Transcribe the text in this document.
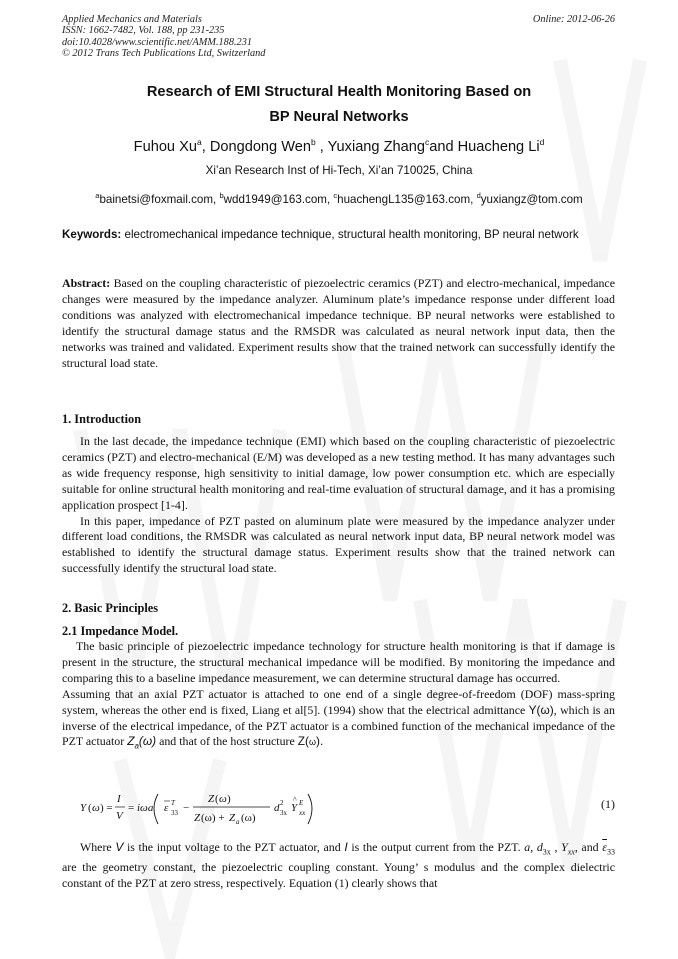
Applied Mechanics and Materials
ISSN: 1662-7482, Vol. 188, pp 231-235
doi:10.4028/www.scientific.net/AMM.188.231
© 2012 Trans Tech Publications Ltd, Switzerland
Online: 2012-06-26
Research of EMI Structural Health Monitoring Based on
BP Neural Networks
Fuhou Xu$^a$, Dongdong Wen$^b$ , Yuxiang Zhang$^c$and Huacheng Li$^d$
Xi’an Research Inst of Hi-Tech, Xi’an 710025, China
$^a$bainetsi@foxmail.com, $^b$wdd1949@163.com, $^c$huachengL135@163.com, $^d$yuxiangz@tom.com
Keywords: electromechanical impedance technique, structural health monitoring, BP neural network

Abstract: Based on the coupling characteristic of piezoelectric ceramics (PZT) and electro-mechanical, impedance changes were measured by the impedance analyzer. Aluminum plate’s impedance response under different load conditions was analyzed with electromechanical impedance technique. BP neural networks were established to identify the structural damage status and the RMSDR was calculated as neural network input data, then the networks was trained and validated. Experiment results show that the trained network can successfully identify the structural load state.

1. Introduction

In the last decade, the impedance technique (EMI) which based on the coupling characteristic of piezoelectric ceramics (PZT) and electro-mechanical (E/M) was developed as a new testing method. It has many advantages such as wide frequency response, high sensitivity to initial damage, low power consumption etc. which are especially suitable for online structural health monitoring and real-time evaluation of structural damage, and it has a promising application prospect [1-4].

In this paper, impedance of PZT pasted on aluminum plate were measured by the impedance analyzer under different load conditions, the RMSDR was calculated as neural network input data, BP neural network model was established to identify the structural damage status. Experiment results show that the trained network can successfully identify the structural load state.

2. Basic Principles
2.1 Impedance Model.

The basic principle of piezoelectric impedance technology for structure health monitoring is that if damage is present in the structure, the structural mechanical impedance will be modified. By monitoring the impedance and comparing this to a baseline impedance measurement, we can determine structural damage has occurred.

Assuming that an axial PZT actuator is attached to one end of a single degree-of-freedom (DOF) mass-spring system, whereas the other end is fixed, Liang et al[5]. (1994) show that the electrical admittance Y(ω), which is an inverse of the electrical impedance, of the PZT actuator is a combined function of the mechanical impedance of the PZT actuator $Z_a(\omega)$ and that of the host structure Z(ω).

Y ( ω ) =
I
V
= iωa ε 33
T −
Z ( ω )
Z (ω) + Z a (ω)
d 3x
2 Y
^
xx
E	(1)

Where V is the input voltage to the PZT actuator, and I is the output current from the PZT. a, $d_{3x}$ , $Y_{xx}$, and $\overline{\varepsilon}_{33}$ are the geometry constant, the piezoelectric coupling constant. Young’ s modulus and the complex dielectric constant of the PZT at zero stress, respectively. Equation (1) clearly shows that
